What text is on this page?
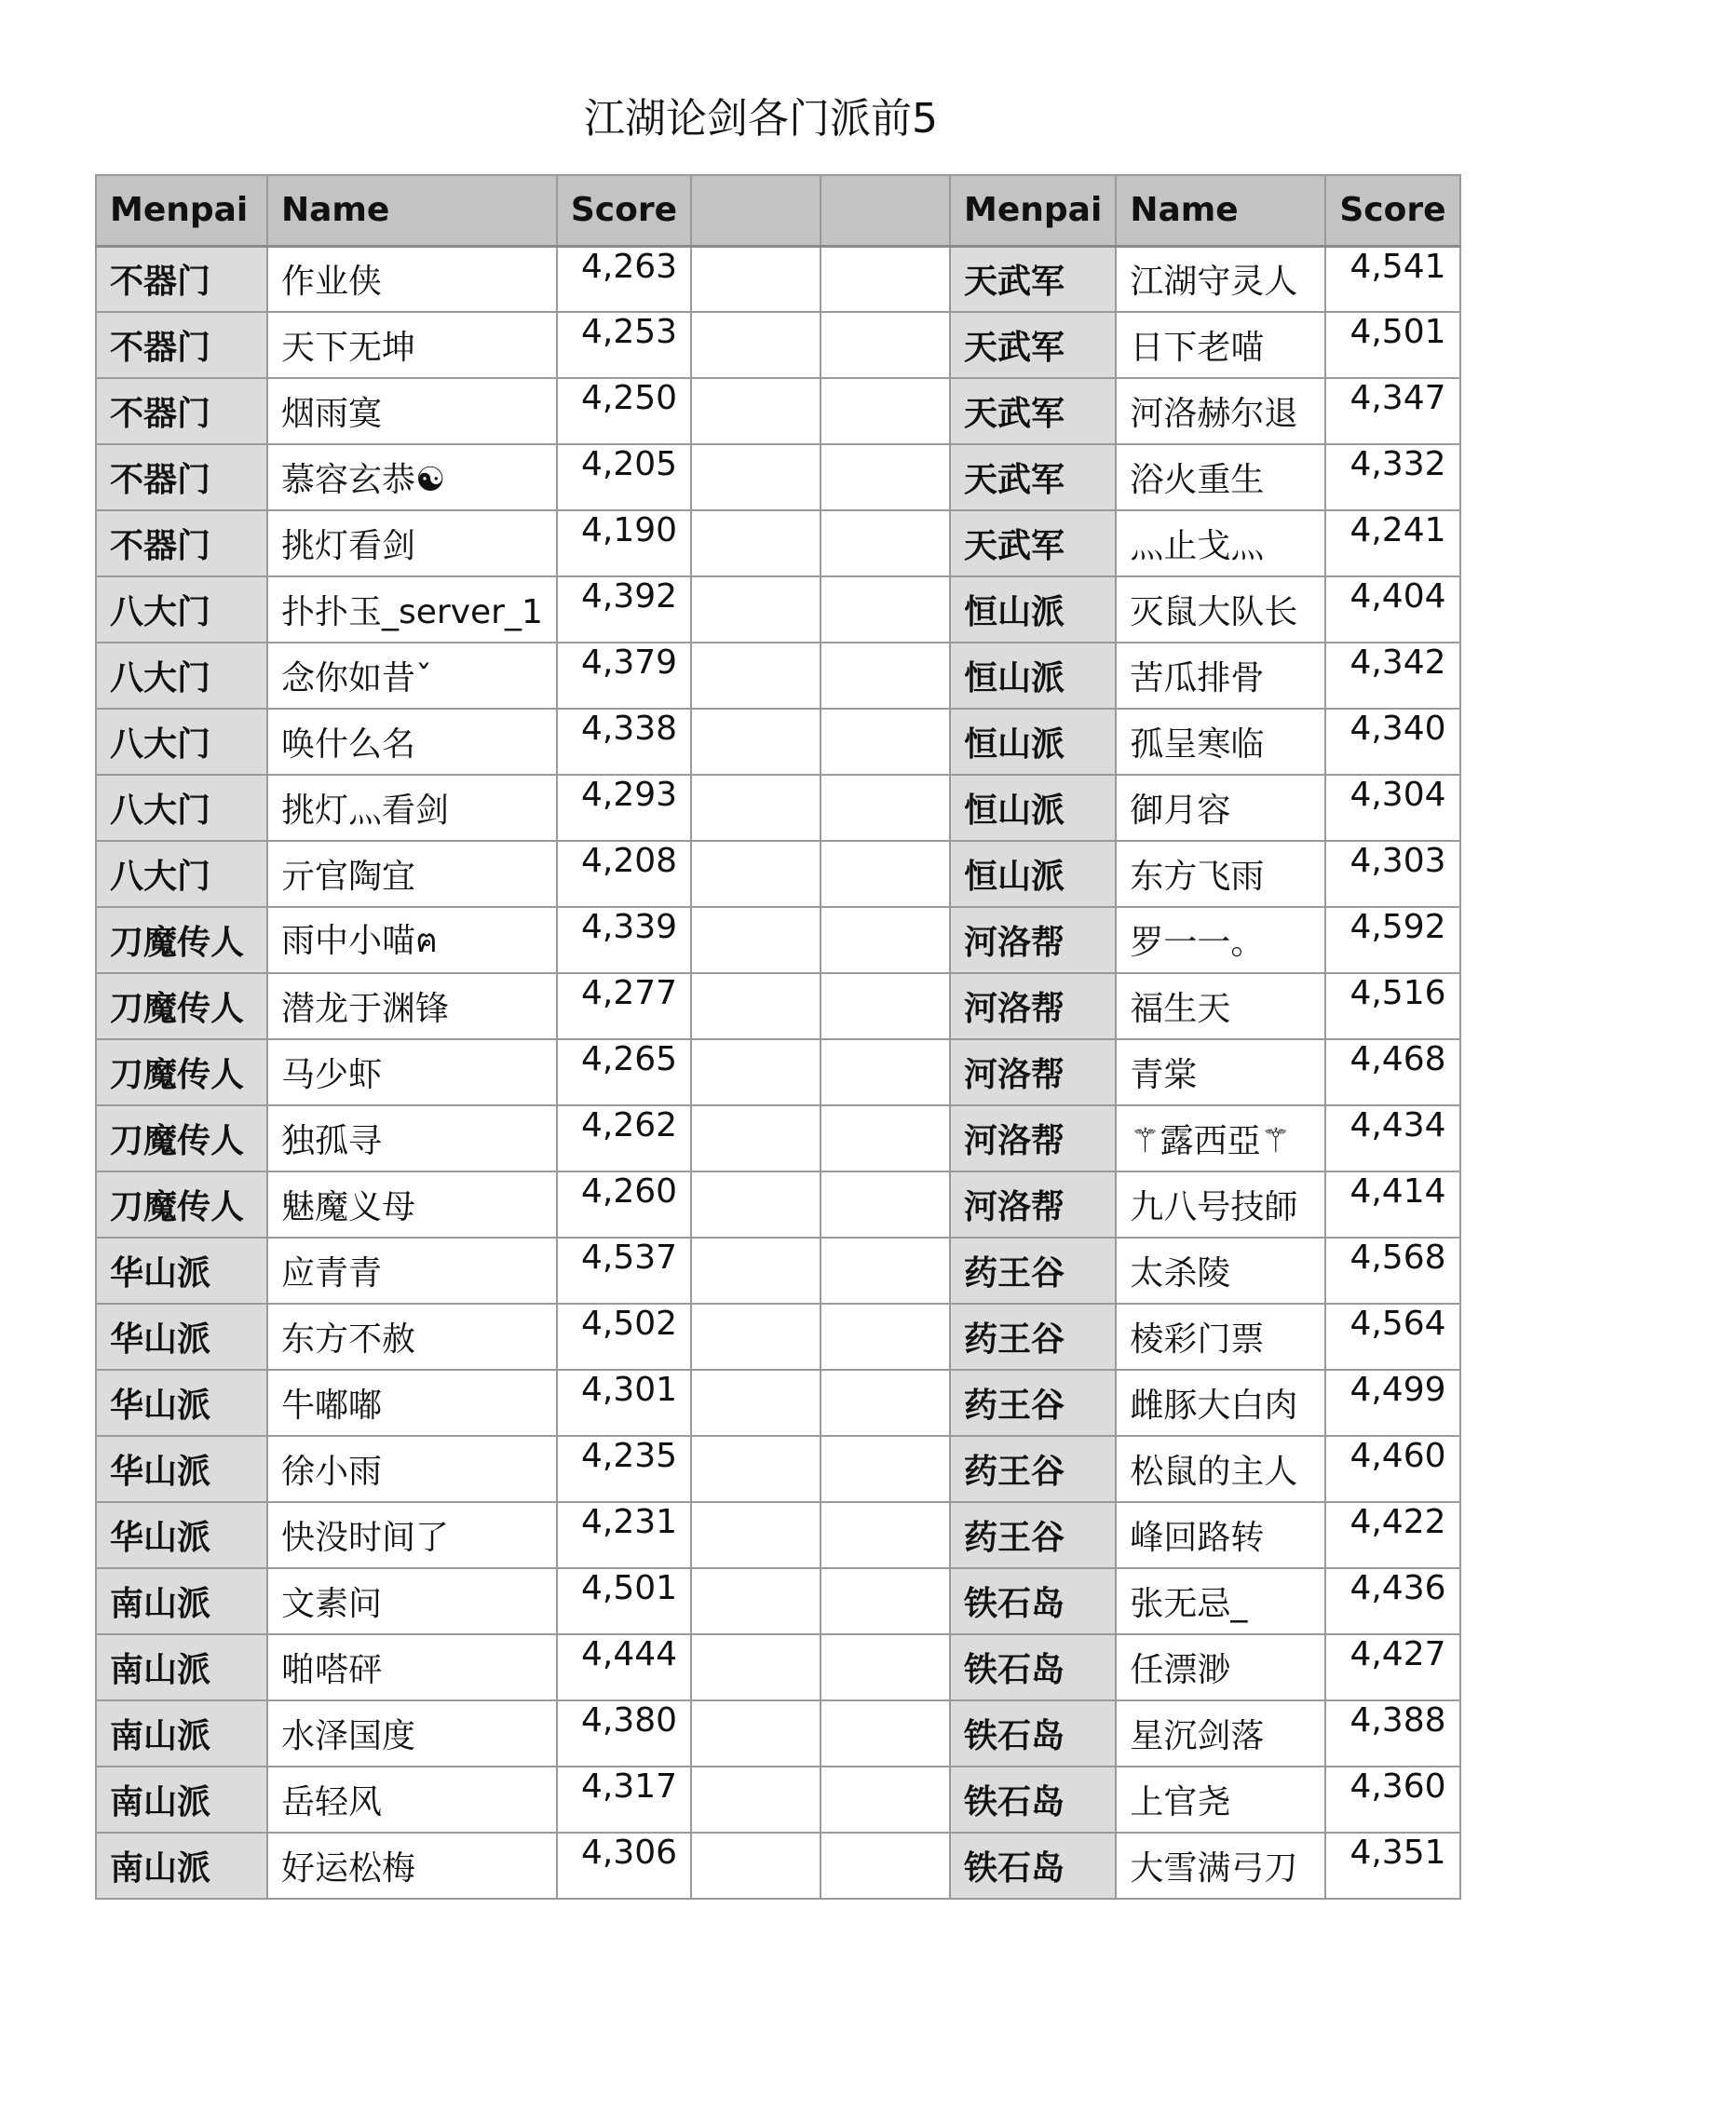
江湖论剑各门派前5
Menpai	Name	Score			Menpai	Name	Score
不器门	作业侠	4,263			天武军	江湖守灵人	4,541
不器门	天下无坤	4,253			天武军	日下老喵	4,501
不器门	烟雨寞	4,250			天武军	河洛赫尔退	4,347
不器门	慕容玄恭☯	4,205			天武军	浴火重生	4,332
不器门	挑灯看剑	4,190			天武军	灬止戈灬	4,241
八大门	扑扑玉_server_1	4,392			恒山派	灭鼠大队长	4,404
八大门	念你如昔ˇ	4,379			恒山派	苦瓜排骨	4,342
八大门	唤什么名	4,338			恒山派	孤呈寒临	4,340
八大门	挑灯灬看剑	4,293			恒山派	御月容	4,304
八大门	亓官陶宜	4,208			恒山派	东方飞雨	4,303
刀魔传人	雨中小喵ฅ	4,339			河洛帮	罗一一。	4,592
刀魔传人	潜龙于渊锋	4,277			河洛帮	福生天	4,516
刀魔传人	马少虾	4,265			河洛帮	青棠	4,468
刀魔传人	独孤寻	4,262			河洛帮	⚚露西亞⚚	4,434
刀魔传人	魅魔义母	4,260			河洛帮	九八号技師	4,414
华山派	应青青	4,537			药王谷	太杀陵	4,568
华山派	东方不赦	4,502			药王谷	棱彩门票	4,564
华山派	牛嘟嘟	4,301			药王谷	雌豚大白肉	4,499
华山派	徐小雨	4,235			药王谷	松鼠的主人	4,460
华山派	快没时间了	4,231			药王谷	峰回路转	4,422
南山派	文素问	4,501			铁石岛	张无忌_	4,436
南山派	啪嗒砰	4,444			铁石岛	任漂渺	4,427
南山派	水泽国度	4,380			铁石岛	星沉剑落	4,388
南山派	岳轻风	4,317			铁石岛	上官尧	4,360
南山派	好运松梅	4,306			铁石岛	大雪满弓刀	4,351
